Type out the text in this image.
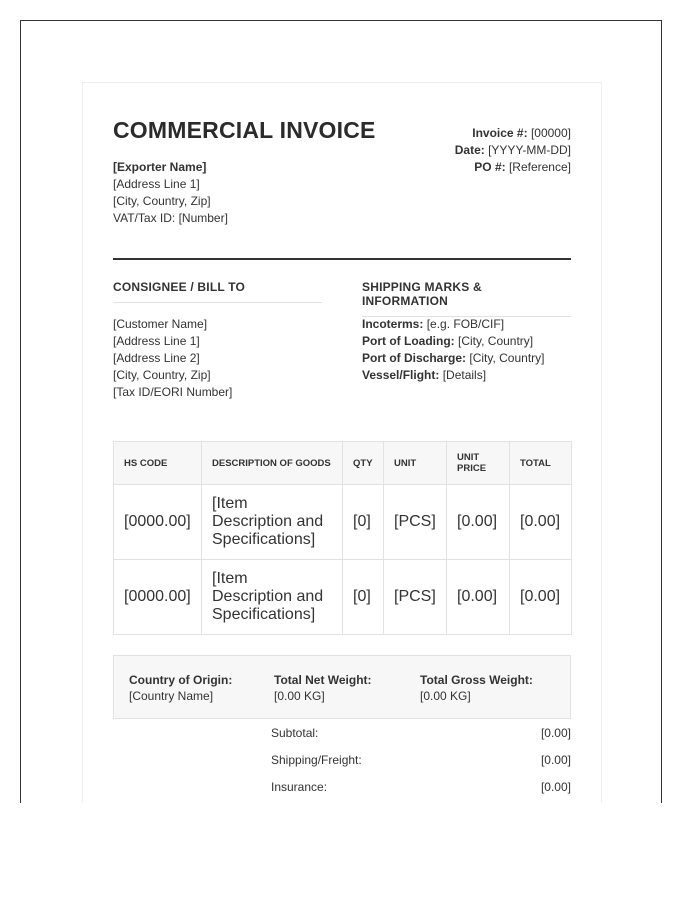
COMMERCIAL INVOICE
[Exporter Name]
[Address Line 1]
[City, Country, Zip]
VAT/Tax ID: [Number]
Invoice #: [00000]
Date: [YYYY-MM-DD]
PO #: [Reference]
CONSIGNEE / BILL TO	SHIPPING MARKS & INFORMATION
[Customer Name]
[Address Line 1]
[Address Line 2]
[City, Country, Zip]
[Tax ID/EORI Number]
Incoterms: [e.g. FOB/CIF]
Port of Loading: [City, Country]
Port of Discharge: [City, Country]
Vessel/Flight: [Details]
HS CODE	DESCRIPTION OF GOODS	QTY	UNIT	UNIT PRICE	TOTAL
[0000.00]	[Item Description and Specifications]	[0]	[PCS]	[0.00]	[0.00]
[0000.00]	[Item Description and Specifications]	[0]	[PCS]	[0.00]	[0.00]
Country of Origin:
[Country Name]
Total Net Weight:
[0.00 KG]
Total Gross Weight:
[0.00 KG]
Subtotal:	[0.00]
Shipping/Freight:	[0.00]
Insurance:	[0.00]
